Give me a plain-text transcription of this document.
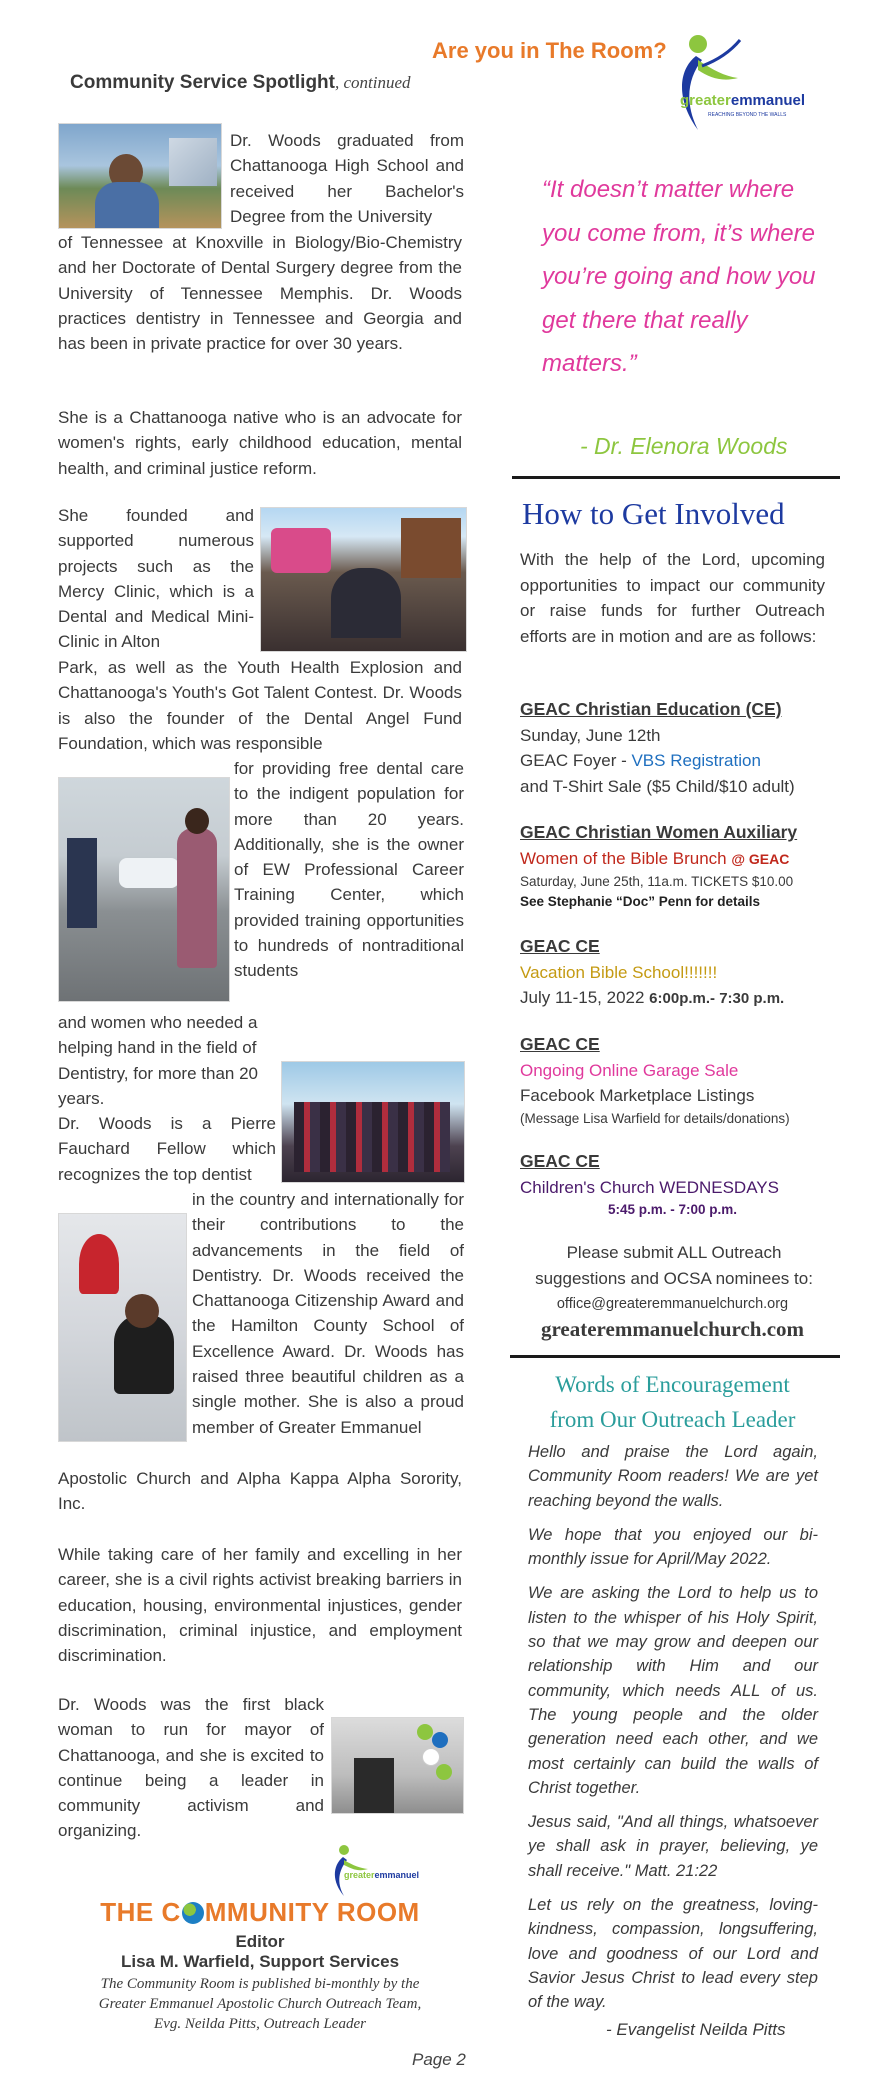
Are you in The Room?
greateremmanuel
REACHING BEYOND THE WALLS
Community Service Spotlight, continued

Dr. Woods graduated from Chattanooga High School and received her Bachelor's Degree from the University

of Tennessee at Knoxville in Biology/Bio-Chemistry and her Doctorate of Dental Surgery degree from the University of Tennessee Memphis. Dr. Woods practices dentistry in Tennessee and Georgia and has been in private practice for over 30 years.

She is a Chattanooga native who is an advocate for women's rights, early childhood education, mental health, and criminal justice reform.

She founded and supported numerous projects such as the Mercy Clinic, which is a Dental and Medical Mini-Clinic in Alton

Park, as well as the Youth Health Explosion and Chattanooga's Youth's Got Talent Contest. Dr. Woods is also the founder of the Dental Angel Fund Foundation, which was responsible

for providing free dental care to the indigent population for more than 20 years. Additionally, she is the owner of EW Professional Career Training Center, which provided training opportunities to hundreds of nontraditional students

and women who needed a helping hand in the field of Dentistry, for more than 20 years.

Dr. Woods is a Pierre Fauchard Fellow which recognizes the top dentist

in the country and internationally for their contributions to the advancements in the field of Dentistry. Dr. Woods received the Chattanooga Citizenship Award and the Hamilton County School of Excellence Award. Dr. Woods has raised three beautiful children as a single mother. She is also a proud member of Greater Emmanuel

Apostolic Church and Alpha Kappa Alpha Sorority, Inc.

While taking care of her family and excelling in her career, she is a civil rights activist breaking barriers in education, housing, environmental injustices, gender discrimination, criminal injustice, and employment discrimination.

Dr. Woods was the first black woman to run for mayor of Chattanooga, and she is excited to continue being a leader in community activism and organizing.

greateremmanuel
THE C MMUNITY ROOM
Editor
Lisa M. Warfield, Support Services
The Community Room is published bi-monthly by the
Greater Emmanuel Apostolic Church Outreach Team,
Evg. Neilda Pitts, Outreach Leader
Page 2
“It doesn’t matter where you come from, it’s where you’re going and how you get there that really matters.”
- Dr. Elenora Woods
How to Get Involved
With the help of the Lord, upcoming opportunities to impact our community or raise funds for further Outreach efforts are in motion and are as follows:
GEAC Christian Education (CE)
Sunday, June 12th
GEAC Foyer - VBS Registration
and T-Shirt Sale ($5 Child/$10 adult)
GEAC Christian Women Auxiliary
Women of the Bible Brunch @ GEAC
Saturday, June 25th, 11a.m. TICKETS $10.00
See Stephanie “Doc” Penn for details
GEAC CE
Vacation Bible School!!!!!!!
July 11-15, 2022 6:00p.m.- 7:30 p.m.
GEAC CE
Ongoing Online Garage Sale
Facebook Marketplace Listings
(Message Lisa Warfield for details/donations)
GEAC CE
Children's Church WEDNESDAYS
5:45 p.m. - 7:00 p.m.
Please submit ALL Outreach suggestions and OCSA nominees to:
office@greateremmanuelchurch.org
greateremmanuelchurch.com
Words of Encouragement
from Our Outreach Leader

Hello and praise the Lord again, Community Room readers! We are yet reaching beyond the walls.

We hope that you enjoyed our bi-monthly issue for April/May 2022.

We are asking the Lord to help us to listen to the whisper of his Holy Spirit, so that we may grow and deepen our relationship with Him and our community, which needs ALL of us. The young people and the older generation need each other, and we most certainly can build the walls of Christ together.

Jesus said, "And all things, whatsoever ye shall ask in prayer, believing, ye shall receive." Matt. 21:22

Let us rely on the greatness, loving-kindness, compassion, longsuffering, love and goodness of our Lord and Savior Jesus Christ to lead every step of the way.

- Evangelist Neilda Pitts
